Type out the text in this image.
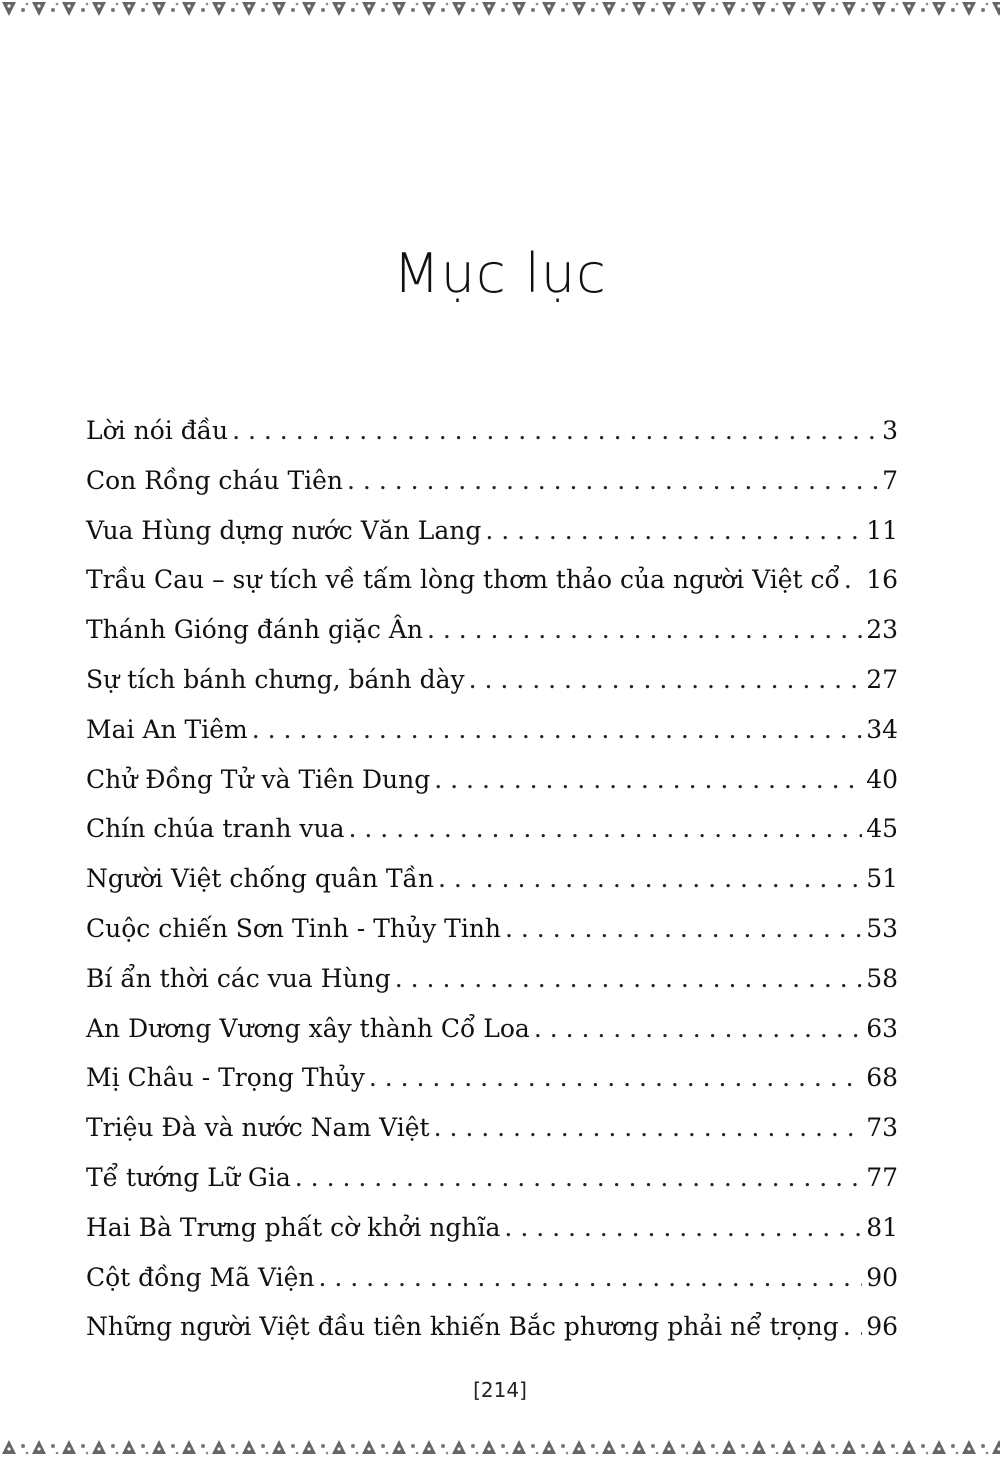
Mục lục
Lời nói đầu . . .	3
Con Rồng cháu Tiên . . .	7
Vua Hùng dựng nước Văn Lang . . .	11
Trầu Cau – sự tích về tấm lòng thơm thảo của người Việt cổ . . . 16
Thánh Gióng đánh giặc Ân . . .	23
Sự tích bánh chưng, bánh dày . . .	27
Mai An Tiêm . . .	34
Chử Đồng Tử và Tiên Dung . . .	40
Chín chúa tranh vua . . .	45
Người Việt chống quân Tần . . .	51
Cuộc chiến Sơn Tinh - Thủy Tinh . . .	53
Bí ẩn thời các vua Hùng . . .	58
An Dương Vương xây thành Cổ Loa . . .	63
Mị Châu - Trọng Thủy . . .	68
Triệu Đà và nước Nam Việt . . .	73
Tể tướng Lữ Gia . . .	77
Hai Bà Trưng phất cờ khởi nghĩa . . .	81
Cột đồng Mã Viện . . .	90
Những người Việt đầu tiên khiến Bắc phương phải nể trọng . . . 96
[214]
